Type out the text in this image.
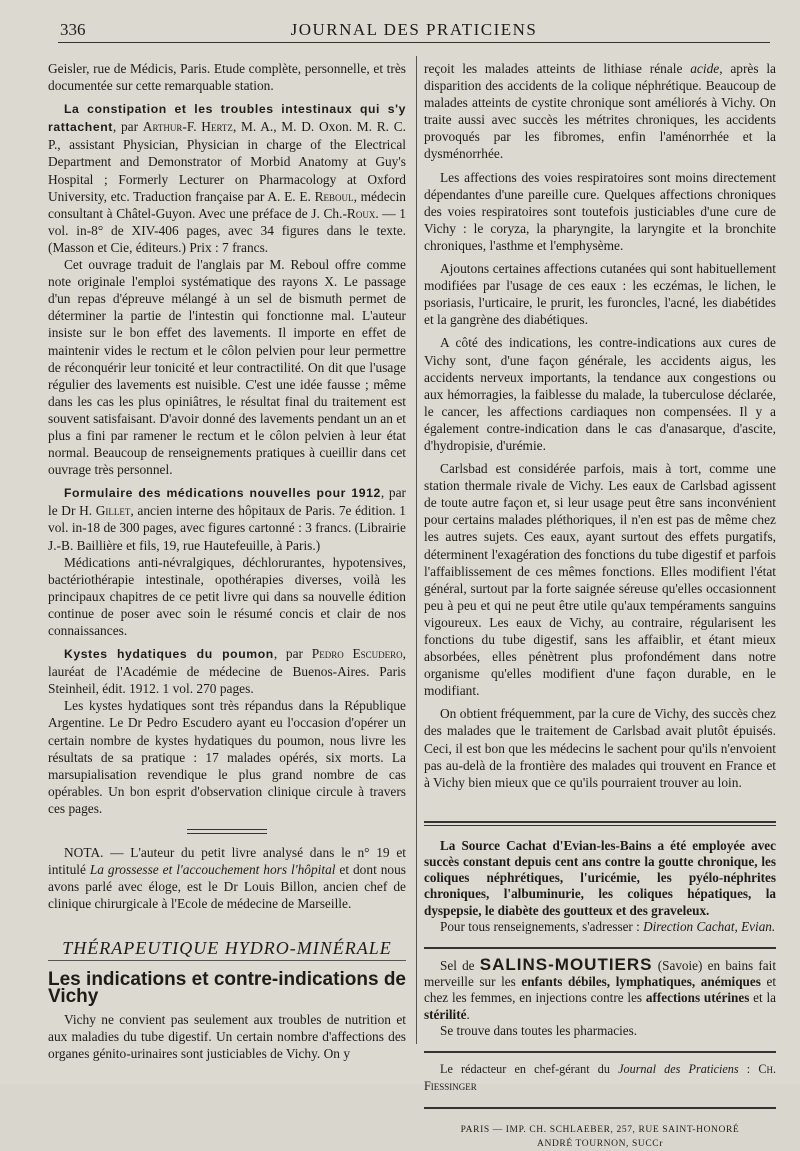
336	JOURNAL DES PRATICIENS

Geisler, rue de Médicis, Paris. Etude complète, personnelle, et très documentée sur cette remarquable station.

La constipation et les troubles intestinaux qui s'y rattachent, par Arthur-F. Hertz, M. A., M. D. Oxon. M. R. C. P., assistant Physician, Physician in charge of the Electrical Department and Demonstrator of Morbid Anatomy at Guy's Hospital ; Formerly Lecturer on Pharmacology at Oxford University, etc. Traduction française par A. E. E. Reboul, médecin consultant à Châtel-Guyon. Avec une préface de J. Ch.-Roux. — 1 vol. in-8° de XIV-406 pages, avec 34 figures dans le texte. (Masson et Cie, éditeurs.) Prix : 7 francs.

Cet ouvrage traduit de l'anglais par M. Reboul offre comme note originale l'emploi systématique des rayons X. Le passage d'un repas d'épreuve mélangé à un sel de bismuth permet de déterminer la partie de l'intestin qui fonctionne mal. L'auteur insiste sur le bon effet des lavements. Il importe en effet de maintenir vides le rectum et le côlon pelvien pour leur permettre de réconquérir leur tonicité et leur contractilité. On dit que l'usage régulier des lavements est nuisible. C'est une idée fausse ; même dans les cas les plus opiniâtres, le résultat final du traitement est souvent satisfaisant. D'avoir donné des lavements pendant un an et plus a fini par ramener le rectum et le côlon pelvien à leur état normal. Beaucoup de renseignements pratiques à cueillir dans cet ouvrage très personnel.

Formulaire des médications nouvelles pour 1912, par le Dr H. Gillet, ancien interne des hôpitaux de Paris. 7e édition. 1 vol. in-18 de 300 pages, avec figures cartonné : 3 francs. (Librairie J.-B. Baillière et fils, 19, rue Hautefeuille, à Paris.)

Médications anti-névralgiques, déchlorurantes, hypotensives, bactériothérapie intestinale, opothérapies diverses, voilà les principaux chapitres de ce petit livre qui dans sa nouvelle édition continue de poser avec soin le résumé concis et clair de nos connaissances.

Kystes hydatiques du poumon, par Pedro Escudero, lauréat de l'Académie de médecine de Buenos-Aires. Paris Steinheil, édit. 1912. 1 vol. 270 pages.

Les kystes hydatiques sont très répandus dans la République Argentine. Le Dr Pedro Escudero ayant eu l'occasion d'opérer un certain nombre de kystes hydatiques du poumon, nous livre les résultats de sa pratique : 17 malades opérés, six morts. La marsupialisation revendique le plus grand nombre de cas opérables. Un bon esprit d'observation clinique circule à travers ces pages.

NOTA. — L'auteur du petit livre analysé dans le n° 19 et intitulé La grossesse et l'accouchement hors l'hôpital et dont nous avons parlé avec éloge, est le Dr Louis Billon, ancien chef de clinique chirurgicale à l'Ecole de médecine de Marseille.

THÉRAPEUTIQUE HYDRO-MINÉRALE
Les indications et contre-indications de Vichy

Vichy ne convient pas seulement aux troubles de nutrition et aux maladies du tube digestif. Un certain nombre d'affections des organes génito-urinaires sont justiciables de Vichy. On y

reçoit les malades atteints de lithiase rénale acide, après la disparition des accidents de la colique néphrétique. Beaucoup de malades atteints de cystite chronique sont améliorés à Vichy. On traite aussi avec succès les métrites chroniques, les accidents provoqués par les fibromes, enfin l'aménorrhée et la dysménorrhée.

Les affections des voies respiratoires sont moins directement dépendantes d'une pareille cure. Quelques affections chroniques des voies respiratoires sont toutefois justiciables d'une cure de Vichy : le coryza, la pharyngite, la laryngite et la bronchite chroniques, l'asthme et l'emphysème.

Ajoutons certaines affections cutanées qui sont habituellement modifiées par l'usage de ces eaux : les eczémas, le lichen, le psoriasis, l'urticaire, le prurit, les furoncles, l'acné, les diabétides et la gangrène des diabétiques.

A côté des indications, les contre-indications aux cures de Vichy sont, d'une façon générale, les accidents aigus, les accidents nerveux importants, la tendance aux congestions ou aux hémorragies, la faiblesse du malade, la tuberculose déclarée, le cancer, les affections cardiaques non compensées. Il y a également contre-indication dans le cas d'anasarque, d'ascite, d'hydropisie, d'urémie.

Carlsbad est considérée parfois, mais à tort, comme une station thermale rivale de Vichy. Les eaux de Carlsbad agissent de toute autre façon et, si leur usage peut être sans inconvénient pour certains malades pléthoriques, il n'en est pas de même chez les autres sujets. Ces eaux, ayant surtout des effets purgatifs, déterminent l'exagération des fonctions du tube digestif et parfois l'affaiblissement de ces mêmes fonctions. Elles modifient l'état général, surtout par la forte saignée séreuse qu'elles occasionnent peu à peu et qui ne peut être utile qu'aux tempéraments sanguins vigoureux. Les eaux de Vichy, au contraire, régularisent les fonctions du tube digestif, sans les affaiblir, et étant mieux absorbées, elles pénètrent plus profondément dans notre organisme qu'elles modifient d'une façon durable, en le modifiant.

On obtient fréquemment, par la cure de Vichy, des succès chez des malades que le traitement de Carlsbad avait plutôt épuisés. Ceci, il est bon que les médecins le sachent pour qu'ils n'envoient pas au-delà de la frontière des malades qui trouvent en France et à Vichy bien mieux que ce qu'ils pourraient trouver au loin.

La Source Cachat d'Evian-les-Bains a été employée avec succès constant depuis cent ans contre la goutte chronique, les coliques néphrétiques, l'uricémie, les pyélo-néphrites chroniques, l'albuminurie, les coliques hépatiques, la dyspepsie, le diabète des goutteux et des graveleux.

Pour tous renseignements, s'adresser : Direction Cachat, Evian.

Sel de SALINS-MOUTIERS (Savoie) en bains fait merveille sur les enfants débiles, lymphatiques, anémiques et chez les femmes, en injections contre les affections utérines et la stérilité.

Se trouve dans toutes les pharmacies.

Le rédacteur en chef-gérant du Journal des Praticiens : Ch. Fiessinger

PARIS — IMP. CH. SCHLAEBER, 257, RUE SAINT-HONORÉ
ANDRÉ TOURNON, SUCCr
